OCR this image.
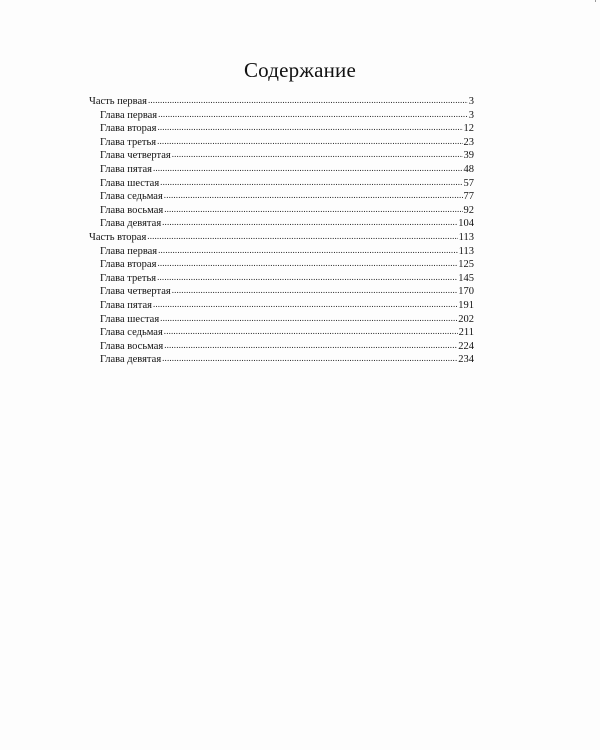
Содержание
Часть первая .....	3
Глава первая .....	3
Глава вторая .....	12
Глава третья .....	23
Глава четвертая .....	39
Глава пятая .....	48
Глава шестая .....	57
Глава седьмая .....	77
Глава восьмая .....	92
Глава девятая .....	104
Часть вторая .....	113
Глава первая .....	113
Глава вторая .....	125
Глава третья .....	145
Глава четвертая .....	170
Глава пятая .....	191
Глава шестая .....	202
Глава седьмая .....	211
Глава восьмая .....	224
Глава девятая .....	234
